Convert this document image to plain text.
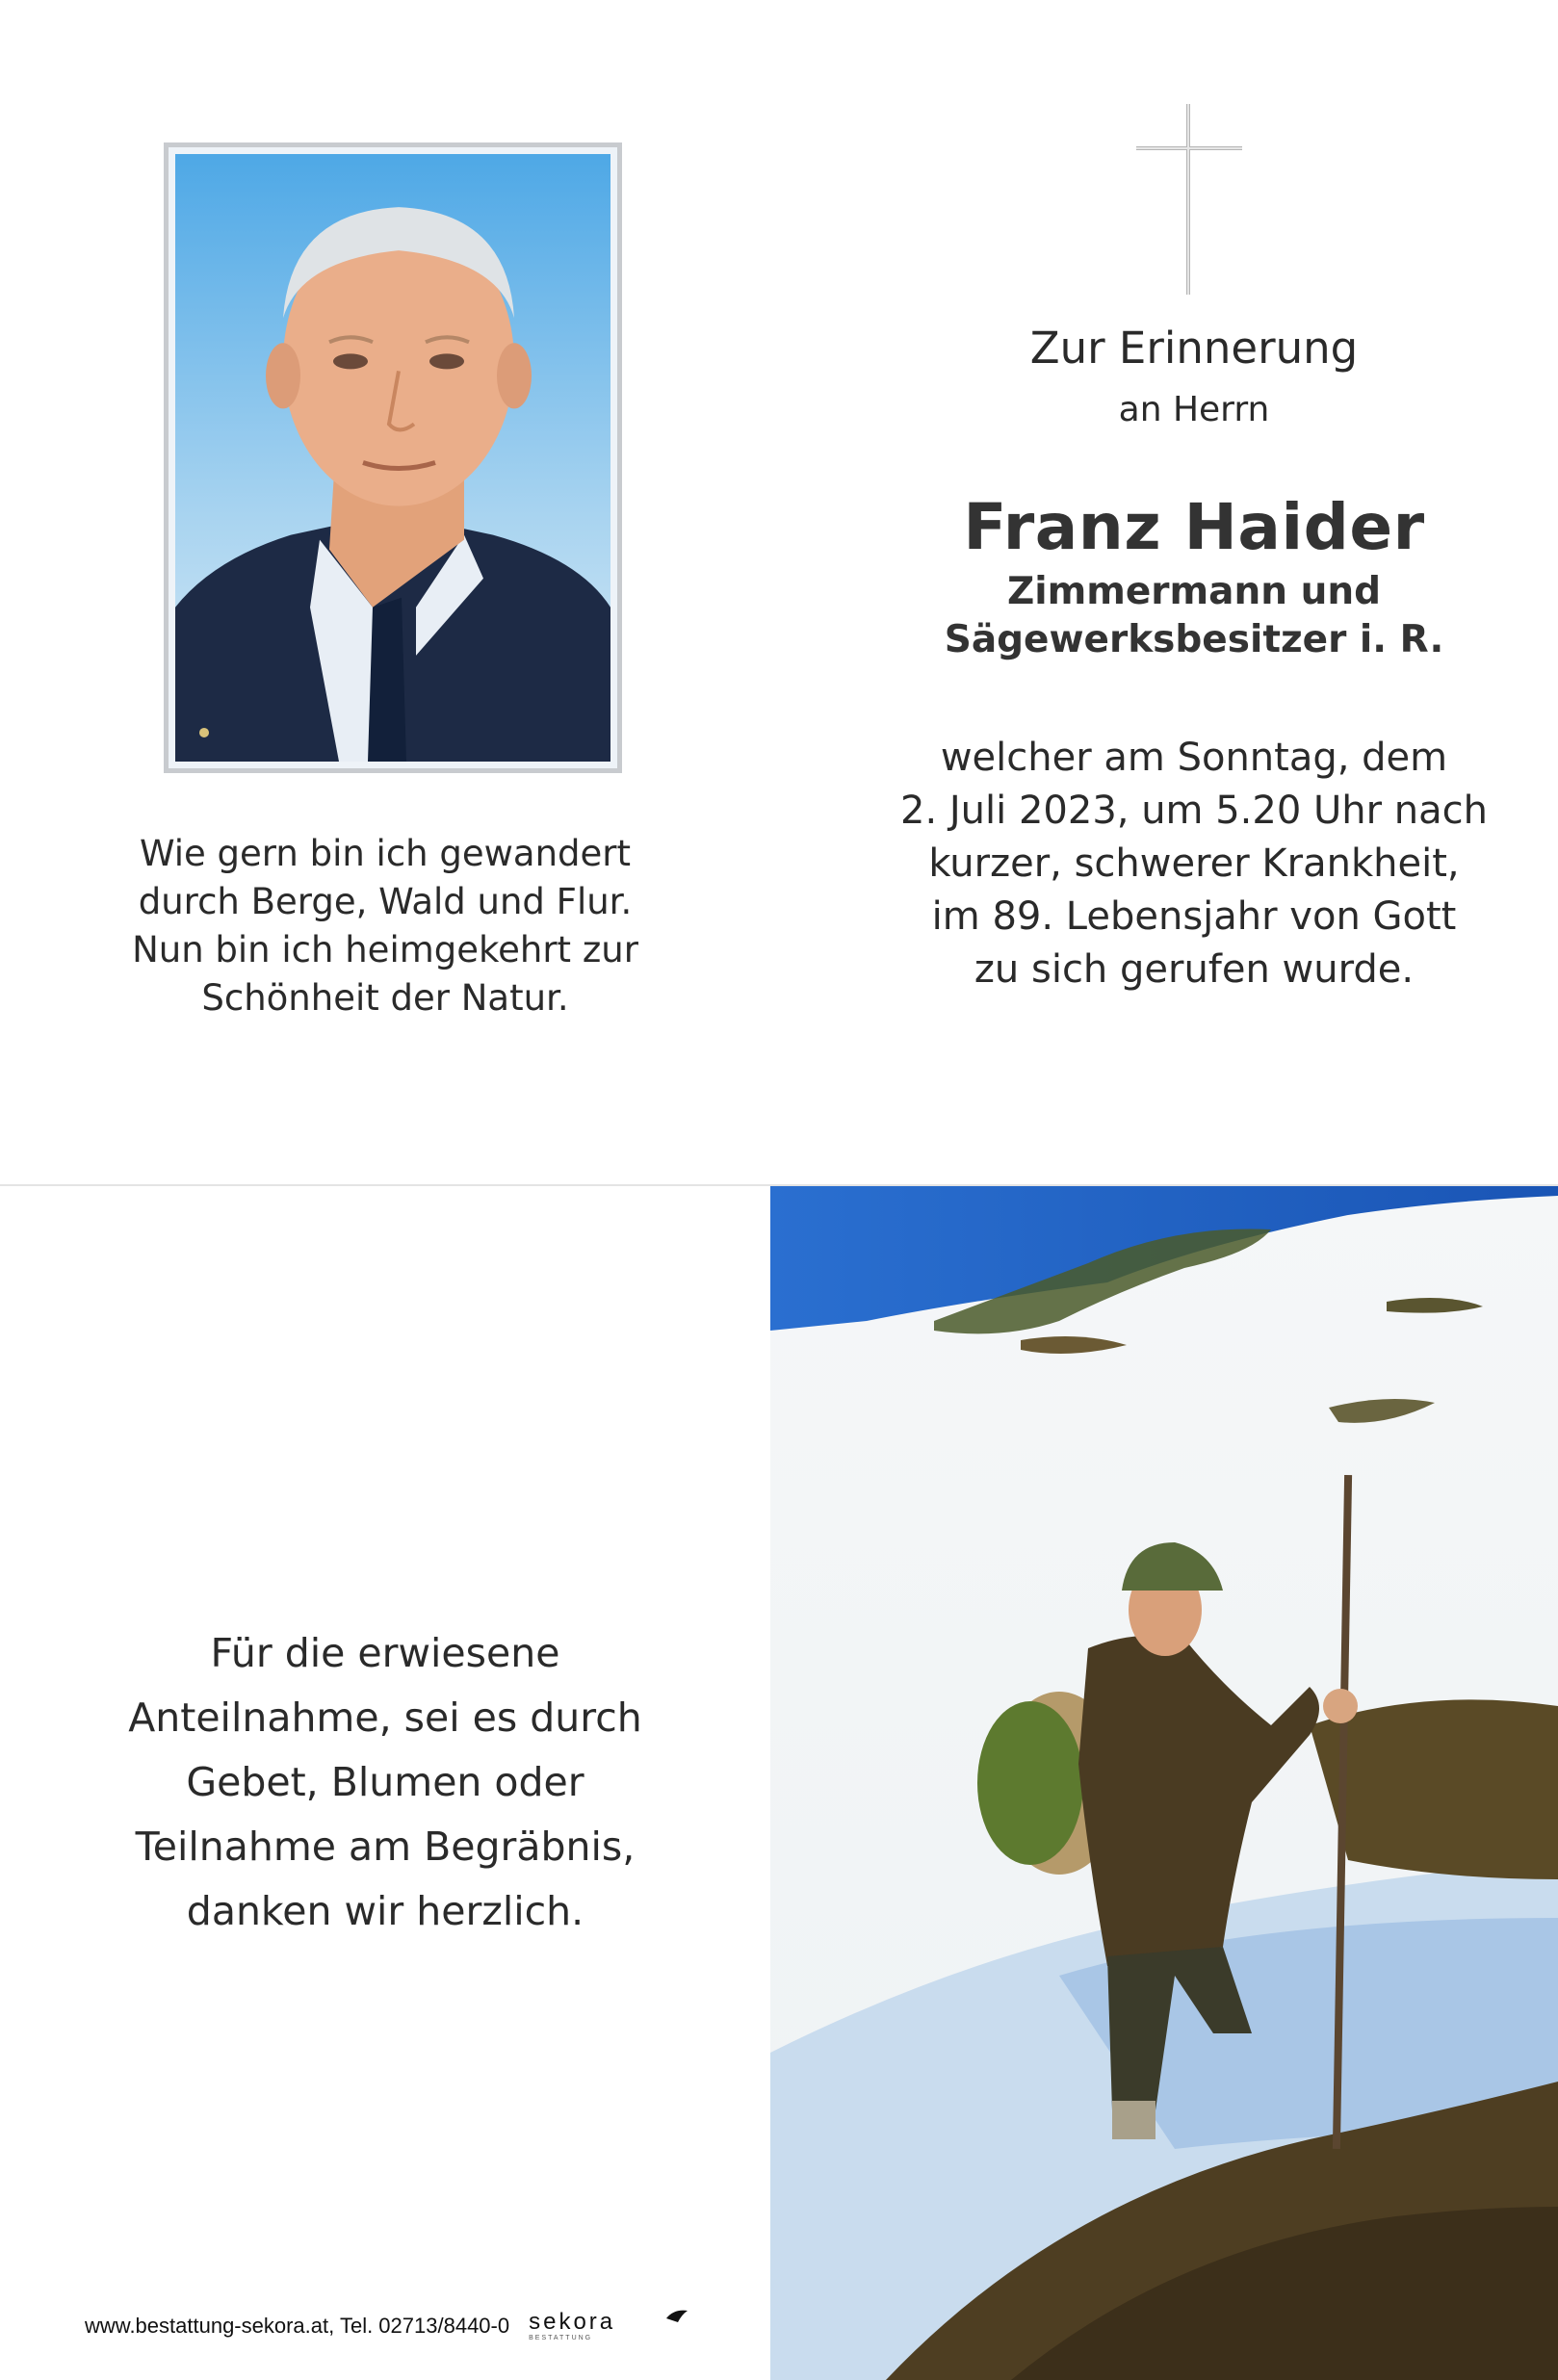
Wie gern bin ich gewandert
durch Berge, Wald und Flur.
Nun bin ich heimgekehrt zur
Schönheit der Natur.
Zur Erinnerung
an Herrn
Franz Haider
Zimmermann und
Sägewerksbesitzer i. R.
welcher am Sonntag, dem
2. Juli 2023, um 5.20 Uhr nach
kurzer, schwerer Krankheit,
im 89. Lebensjahr von Gott
zu sich gerufen wurde.
Für die erwiesene
Anteilnahme, sei es durch
Gebet, Blumen oder
Teilnahme am Begräbnis,
danken wir herzlich.
www.bestattung-sekora.at, Tel. 02713/8440-0 sekora
BESTATTUNG
